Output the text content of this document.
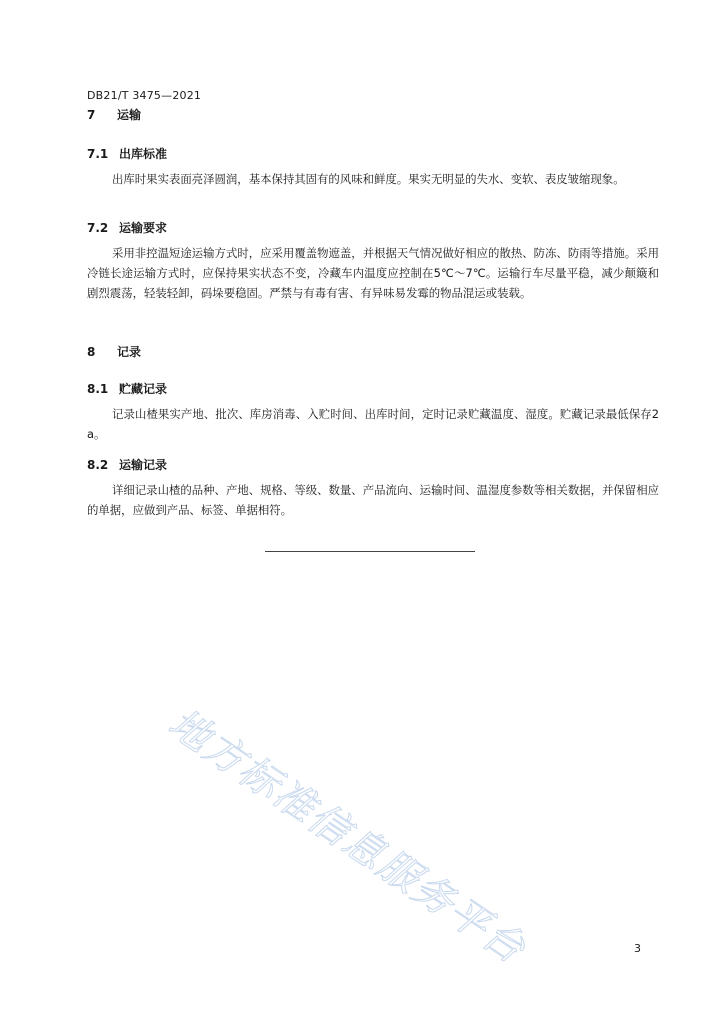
DB21/T 3475—2021
7 运输
7.1 出库标准
出库时果实表面亮泽圆润，基本保持其固有的风味和鲜度。果实无明显的失水、变软、表皮皱缩现象。
7.2 运输要求
采用非控温短途运输方式时，应采用覆盖物遮盖，并根据天气情况做好相应的散热、防冻、防雨等措施。采用冷链长途运输方式时，应保持果实状态不变，冷藏车内温度应控制在5℃～7℃。运输行车尽量平稳，减少颠簸和剧烈震荡，轻装轻卸，码垛要稳固。严禁与有毒有害、有异味易发霉的物品混运或装载。
8 记录
8.1 贮藏记录
记录山楂果实产地、批次、库房消毒、入贮时间、出库时间，定时记录贮藏温度、湿度。贮藏记录最低保存2a。
8.2 运输记录
详细记录山楂的品种、产地、规格、等级、数量、产品流向、运输时间、温湿度参数等相关数据，并保留相应的单据，应做到产品、标签、单据相符。
地方标准信息服务平台	3
